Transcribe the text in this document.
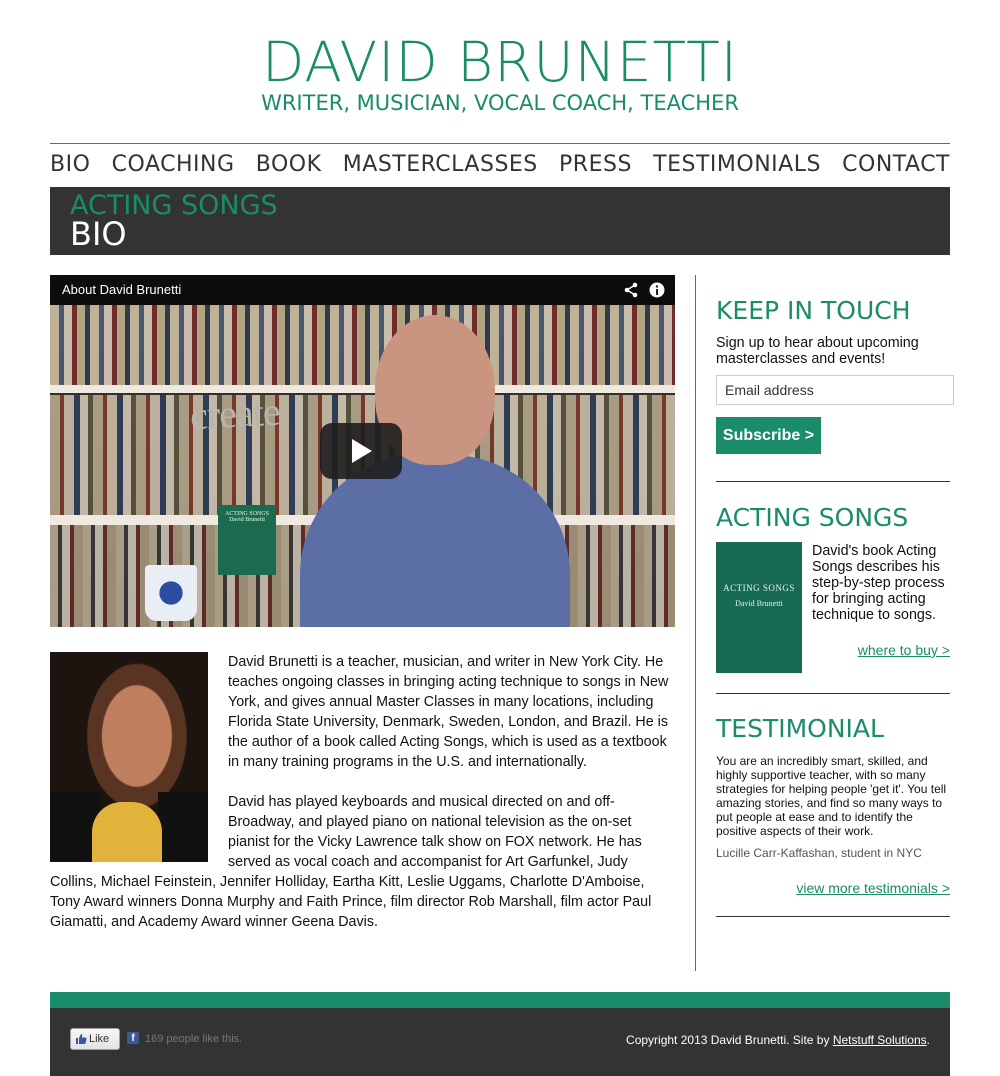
DAVID BRUNETTI
WRITER, MUSICIAN, VOCAL COACH, TEACHER
BIO COACHING BOOK MASTERCLASSES PRESS TESTIMONIALS CONTACT
ACTING SONGS
BIO
create
ACTING SONGS
David Brunetti
About David Brunetti

David Brunetti is a teacher, musician, and writer in New York City. He teaches ongoing classes in bringing acting technique to songs in New York, and gives annual Master Classes in many locations, including Florida State University, Denmark, Sweden, London, and Brazil. He is the author of a book called Acting Songs, which is used as a textbook in many training programs in the U.S. and internationally.

David has played keyboards and musical directed on and off-Broadway, and played piano on national television as the on-set pianist for the Vicky Lawrence talk show on FOX network. He has served as vocal coach and accompanist for Art Garfunkel, Judy Collins, Michael Feinstein, Jennifer Holliday, Eartha Kitt, Leslie Uggams, Charlotte D'Amboise, Tony Award winners Donna Murphy and Faith Prince, film director Rob Marshall, film actor Paul Giamatti, and Academy Award winner Geena Davis.

KEEP IN TOUCH
Sign up to hear about upcoming masterclasses and events!
Email address
Subscribe >
ACTING SONGS
ACTING SONGS
David Brunetti
David's book Acting Songs describes his step-by-step process for bringing acting technique to songs.
where to buy >
TESTIMONIAL
You are an incredibly smart, skilled, and highly supportive teacher, with so many strategies for helping people 'get it'. You tell amazing stories, and find so many ways to put people at ease and to identify the positive aspects of their work.
Lucille Carr-Kaffashan, student in NYC
view more testimonials >
Like	f 169 people like this.	Copyright 2013 David Brunetti. Site by Netstuff Solutions.
